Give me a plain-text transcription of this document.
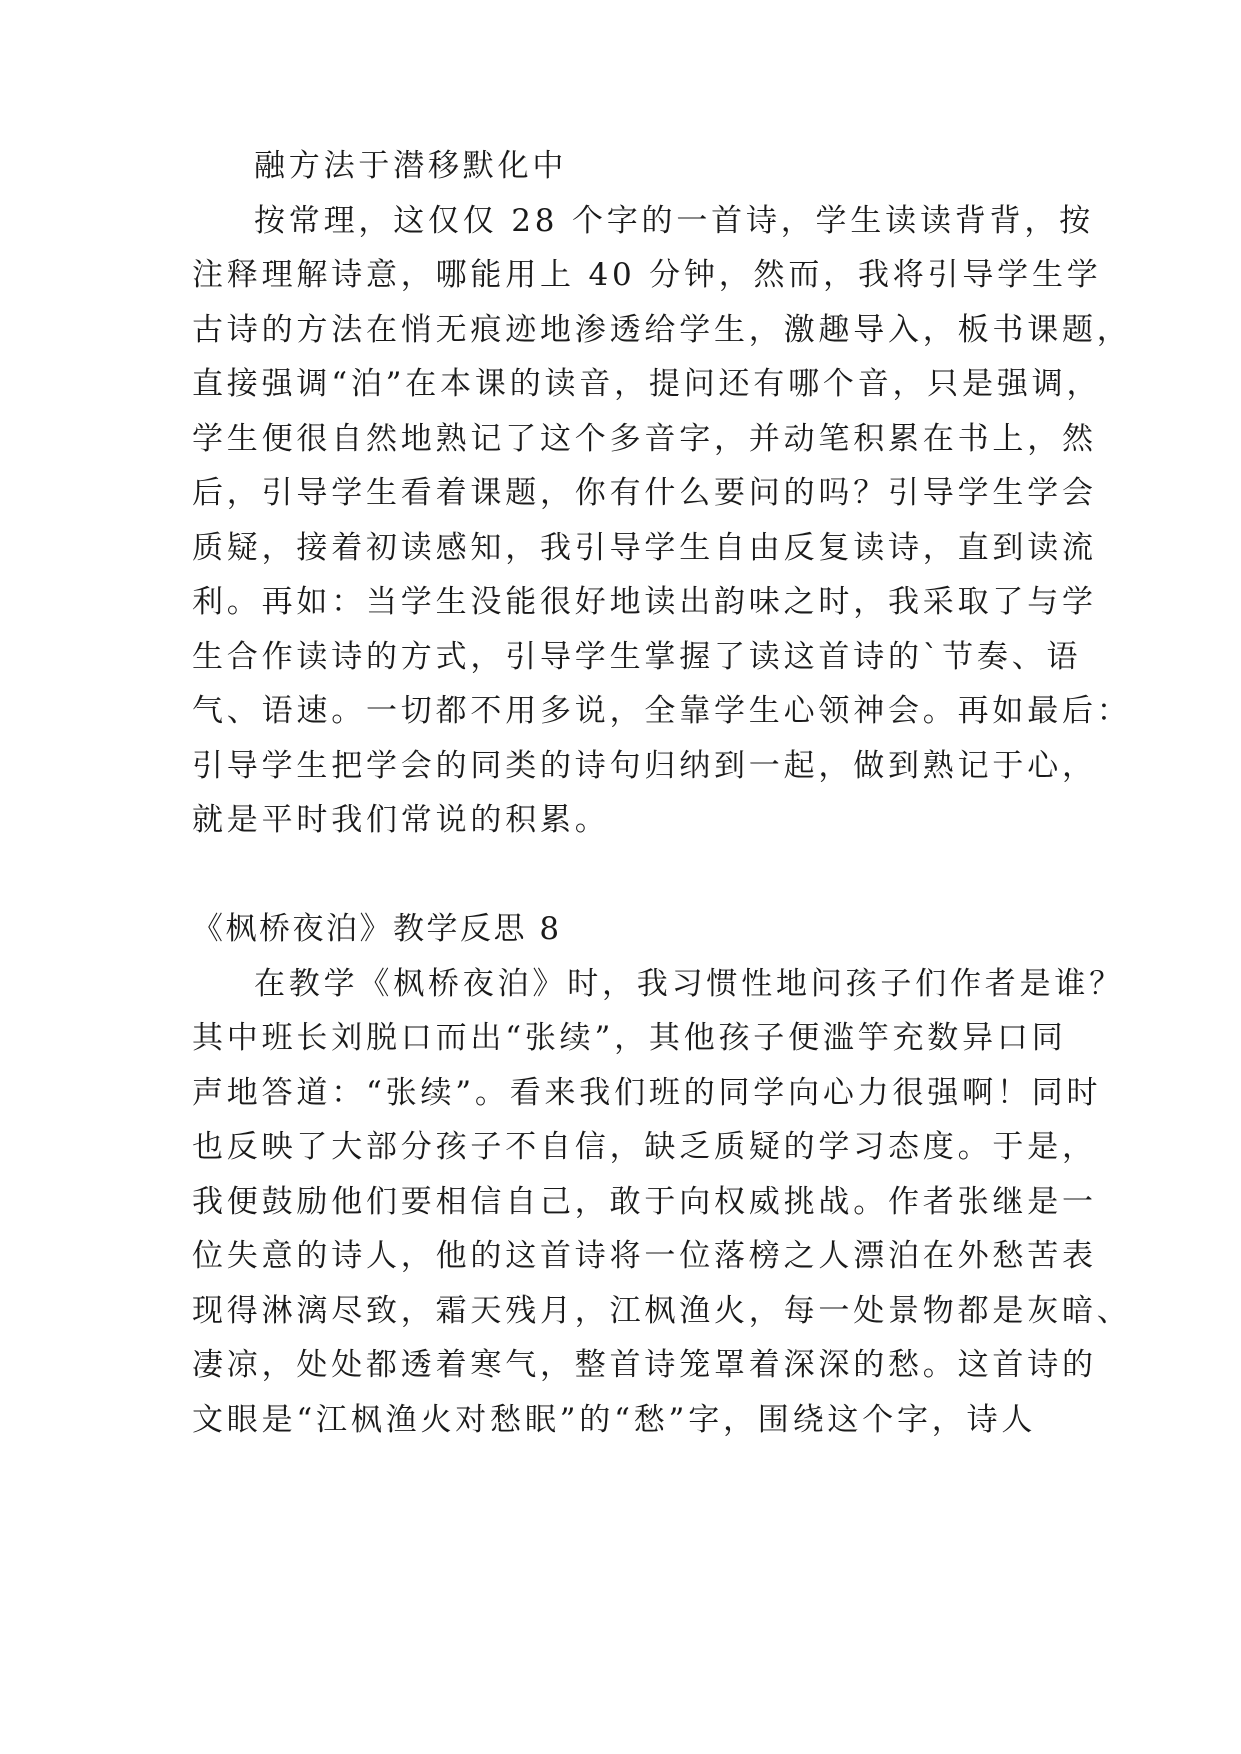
融方法于潜移默化中

按常理，这仅仅 28 个字的一首诗，学生读读背背，按

注释理解诗意，哪能用上 40 分钟，然而，我将引导学生学

古诗的方法在悄无痕迹地渗透给学生，激趣导入，板书课题，

直接强调“泊”在本课的读音，提问还有哪个音，只是强调，

学生便很自然地熟记了这个多音字，并动笔积累在书上，然

后，引导学生看着课题，你有什么要问的吗？引导学生学会

质疑，接着初读感知，我引导学生自由反复读诗，直到读流

利。再如：当学生没能很好地读出韵味之时，我采取了与学

生合作读诗的方式，引导学生掌握了读这首诗的`节奏、语

气、语速。一切都不用多说，全靠学生心领神会。再如最后：

引导学生把学会的同类的诗句归纳到一起，做到熟记于心，

就是平时我们常说的积累。

《枫桥夜泊》教学反思 8

在教学《枫桥夜泊》时，我习惯性地问孩子们作者是谁？

其中班长刘脱口而出“张续”，其他孩子便滥竽充数异口同

声地答道：“张续”。看来我们班的同学向心力很强啊！同时

也反映了大部分孩子不自信，缺乏质疑的学习态度。于是，

我便鼓励他们要相信自己，敢于向权威挑战。作者张继是一

位失意的诗人，他的这首诗将一位落榜之人漂泊在外愁苦表

现得淋漓尽致，霜天残月，江枫渔火，每一处景物都是灰暗、

凄凉，处处都透着寒气，整首诗笼罩着深深的愁。这首诗的

文眼是“江枫渔火对愁眠”的“愁”字，围绕这个字，诗人
